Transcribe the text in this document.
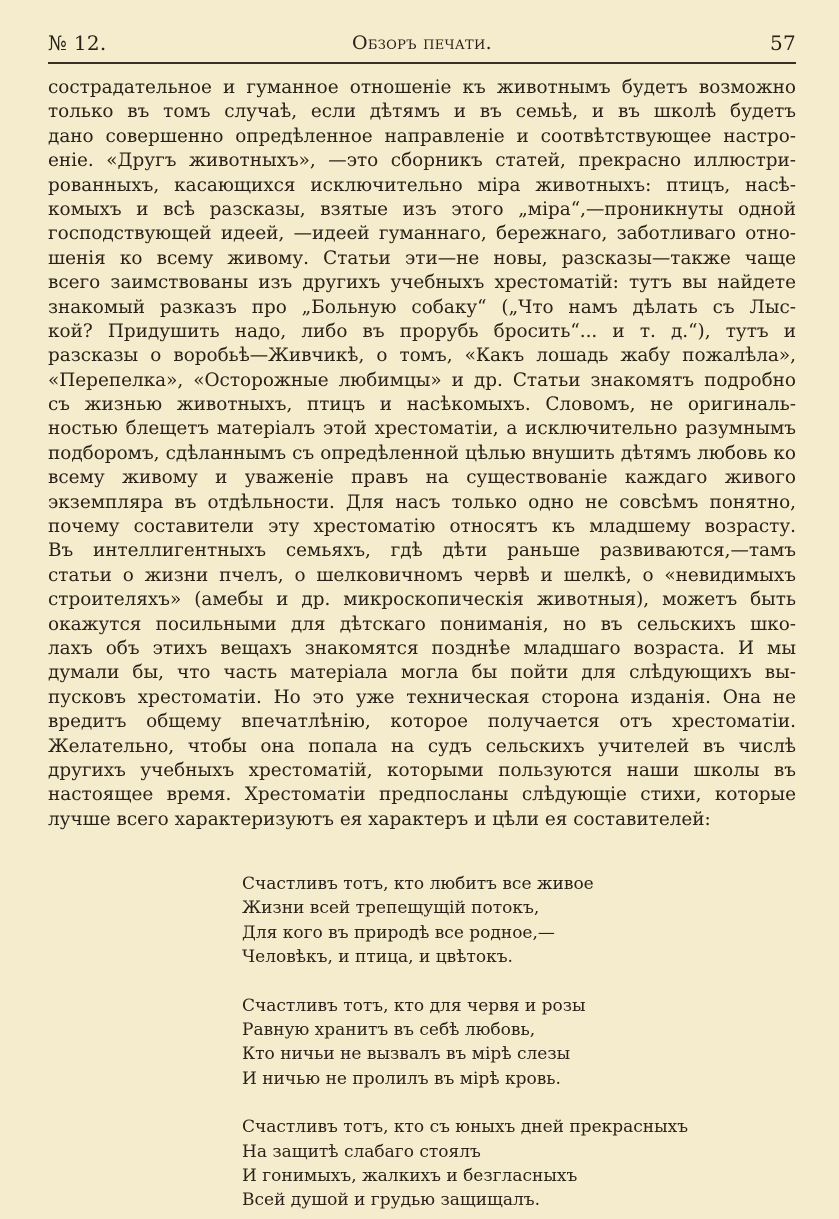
№ 12.	Обзоръ печати.	57
сострадательное и гуманное отношеніе къ животнымъ будетъ возможно
только въ томъ случаѣ, если дѣтямъ и въ семьѣ, и въ школѣ будетъ
дано совершенно опредѣленное направленіе и соотвѣтствующее настро-
еніе. «Другъ животныхъ», —это сборникъ статей, прекрасно иллюстри-
рованныхъ, касающихся исключительно міра животныхъ: птицъ, насѣ-
комыхъ и всѣ разсказы, взятые изъ этого „міра“,—проникнуты одной
господствующей идеей, —идеей гуманнаго, бережнаго, заботливаго отно-
шенія ко всему живому. Статьи эти—не новы, разсказы—также чаще
всего заимствованы изъ другихъ учебныхъ хрестоматій: тутъ вы найдете
знакомый разказъ про „Больную собаку“ („Что намъ дѣлать съ Лыс-
кой? Придушить надо, либо въ прорубь бросить“... и т. д.“), тутъ и
разсказы о воробьѣ—Живчикѣ, о томъ, «Какъ лошадь жабу пожалѣла»,
«Перепелка», «Осторожные любимцы» и др. Статьи знакомятъ подробно
съ жизнью животныхъ, птицъ и насѣкомыхъ. Словомъ, не оригиналь-
ностью блещетъ матеріалъ этой хрестоматіи, а исключительно разумнымъ
подборомъ, сдѣланнымъ съ опредѣленной цѣлью внушить дѣтямъ любовь ко
всему живому и уваженіе правъ на существованіе каждаго живого
экземпляра въ отдѣльности. Для насъ только одно не совсѣмъ понятно,
почему составители эту хрестоматію относятъ къ младшему возрасту.
Въ интеллигентныхъ семьяхъ, гдѣ дѣти раньше развиваются,—тамъ
статьи о жизни пчелъ, о шелковичномъ червѣ и шелкѣ, о «невидимыхъ
строителяхъ» (амебы и др. микроскопическія животныя), можетъ быть
окажутся посильными для дѣтскаго пониманія, но въ сельскихъ шко-
лахъ объ этихъ вещахъ знакомятся позднѣе младшаго возраста. И мы
думали бы, что часть матеріала могла бы пойти для слѣдующихъ вы-
пусковъ хрестоматіи. Но это уже техническая сторона изданія. Она не
вредитъ общему впечатлѣнію, которое получается отъ хрестоматіи.
Желательно, чтобы она попала на судъ сельскихъ учителей въ числѣ
другихъ учебныхъ хрестоматій, которыми пользуются наши школы въ
настоящее время. Хрестоматіи предпосланы слѣдующіе стихи, которые
лучше всего характеризуютъ ея характеръ и цѣли ея составителей:
Счастливъ тотъ, кто любитъ все живое
Жизни всей трепещущій потокъ,
Для кого въ природѣ все родное,—
Человѣкъ, и птица, и цвѣтокъ.
Счастливъ тотъ, кто для червя и розы
Равную хранитъ въ себѣ любовь,
Кто ничьи не вызвалъ въ мірѣ слезы
И ничью не пролилъ въ мірѣ кровь.
Счастливъ тотъ, кто съ юныхъ дней прекрасныхъ
На защитѣ слабаго стоялъ
И гонимыхъ, жалкихъ и безгласныхъ
Всей душой и грудью защищалъ.
